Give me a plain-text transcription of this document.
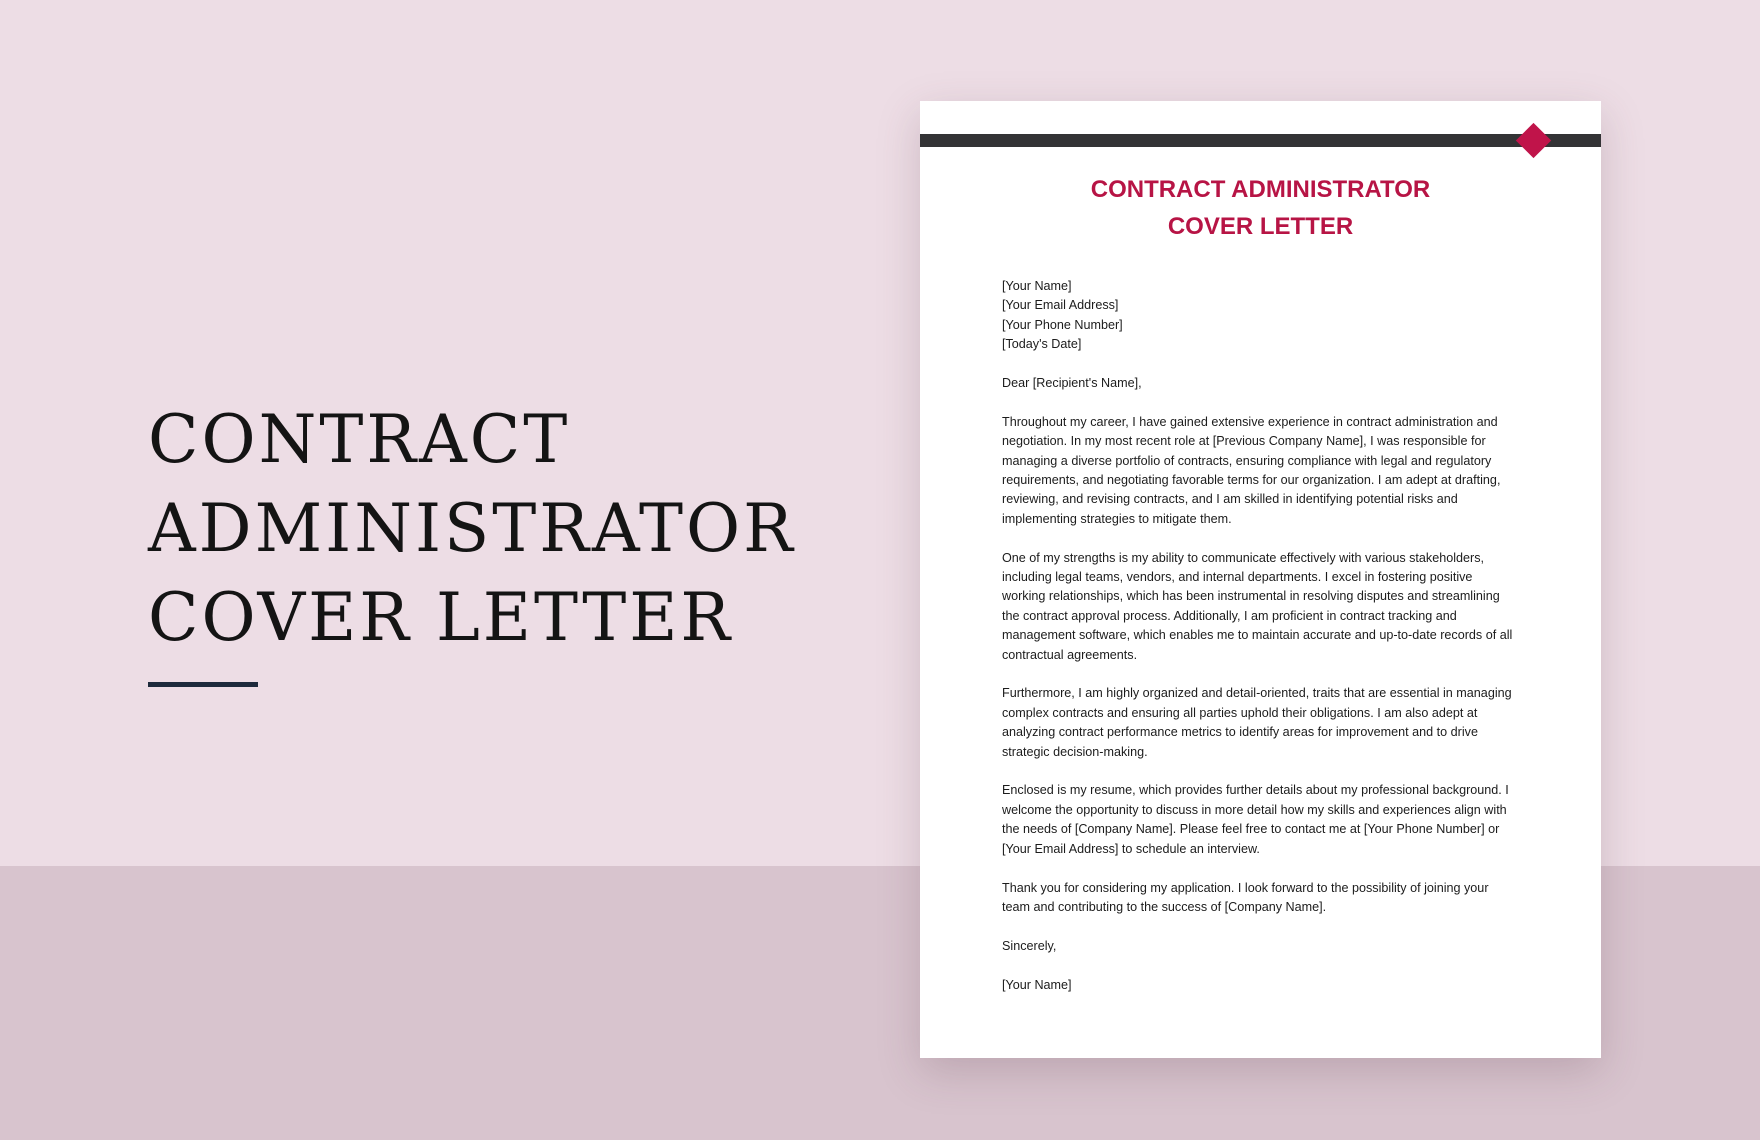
CONTRACT
ADMINISTRATOR
COVER LETTER
CONTRACT ADMINISTRATOR
COVER LETTER

[Your Name]
[Your Email Address]
[Your Phone Number]
[Today's Date]

Dear [Recipient's Name],

Throughout my career, I have gained extensive experience in contract administration and
negotiation. In my most recent role at [Previous Company Name], I was responsible for
managing a diverse portfolio of contracts, ensuring compliance with legal and regulatory
requirements, and negotiating favorable terms for our organization. I am adept at drafting,
reviewing, and revising contracts, and I am skilled in identifying potential risks and
implementing strategies to mitigate them.

One of my strengths is my ability to communicate effectively with various stakeholders,
including legal teams, vendors, and internal departments. I excel in fostering positive
working relationships, which has been instrumental in resolving disputes and streamlining
the contract approval process. Additionally, I am proficient in contract tracking and
management software, which enables me to maintain accurate and up-to-date records of all
contractual agreements.

Furthermore, I am highly organized and detail-oriented, traits that are essential in managing
complex contracts and ensuring all parties uphold their obligations. I am also adept at
analyzing contract performance metrics to identify areas for improvement and to drive
strategic decision-making.

Enclosed is my resume, which provides further details about my professional background. I
welcome the opportunity to discuss in more detail how my skills and experiences align with
the needs of [Company Name]. Please feel free to contact me at [Your Phone Number] or
[Your Email Address] to schedule an interview.

Thank you for considering my application. I look forward to the possibility of joining your
team and contributing to the success of [Company Name].

Sincerely,

[Your Name]
